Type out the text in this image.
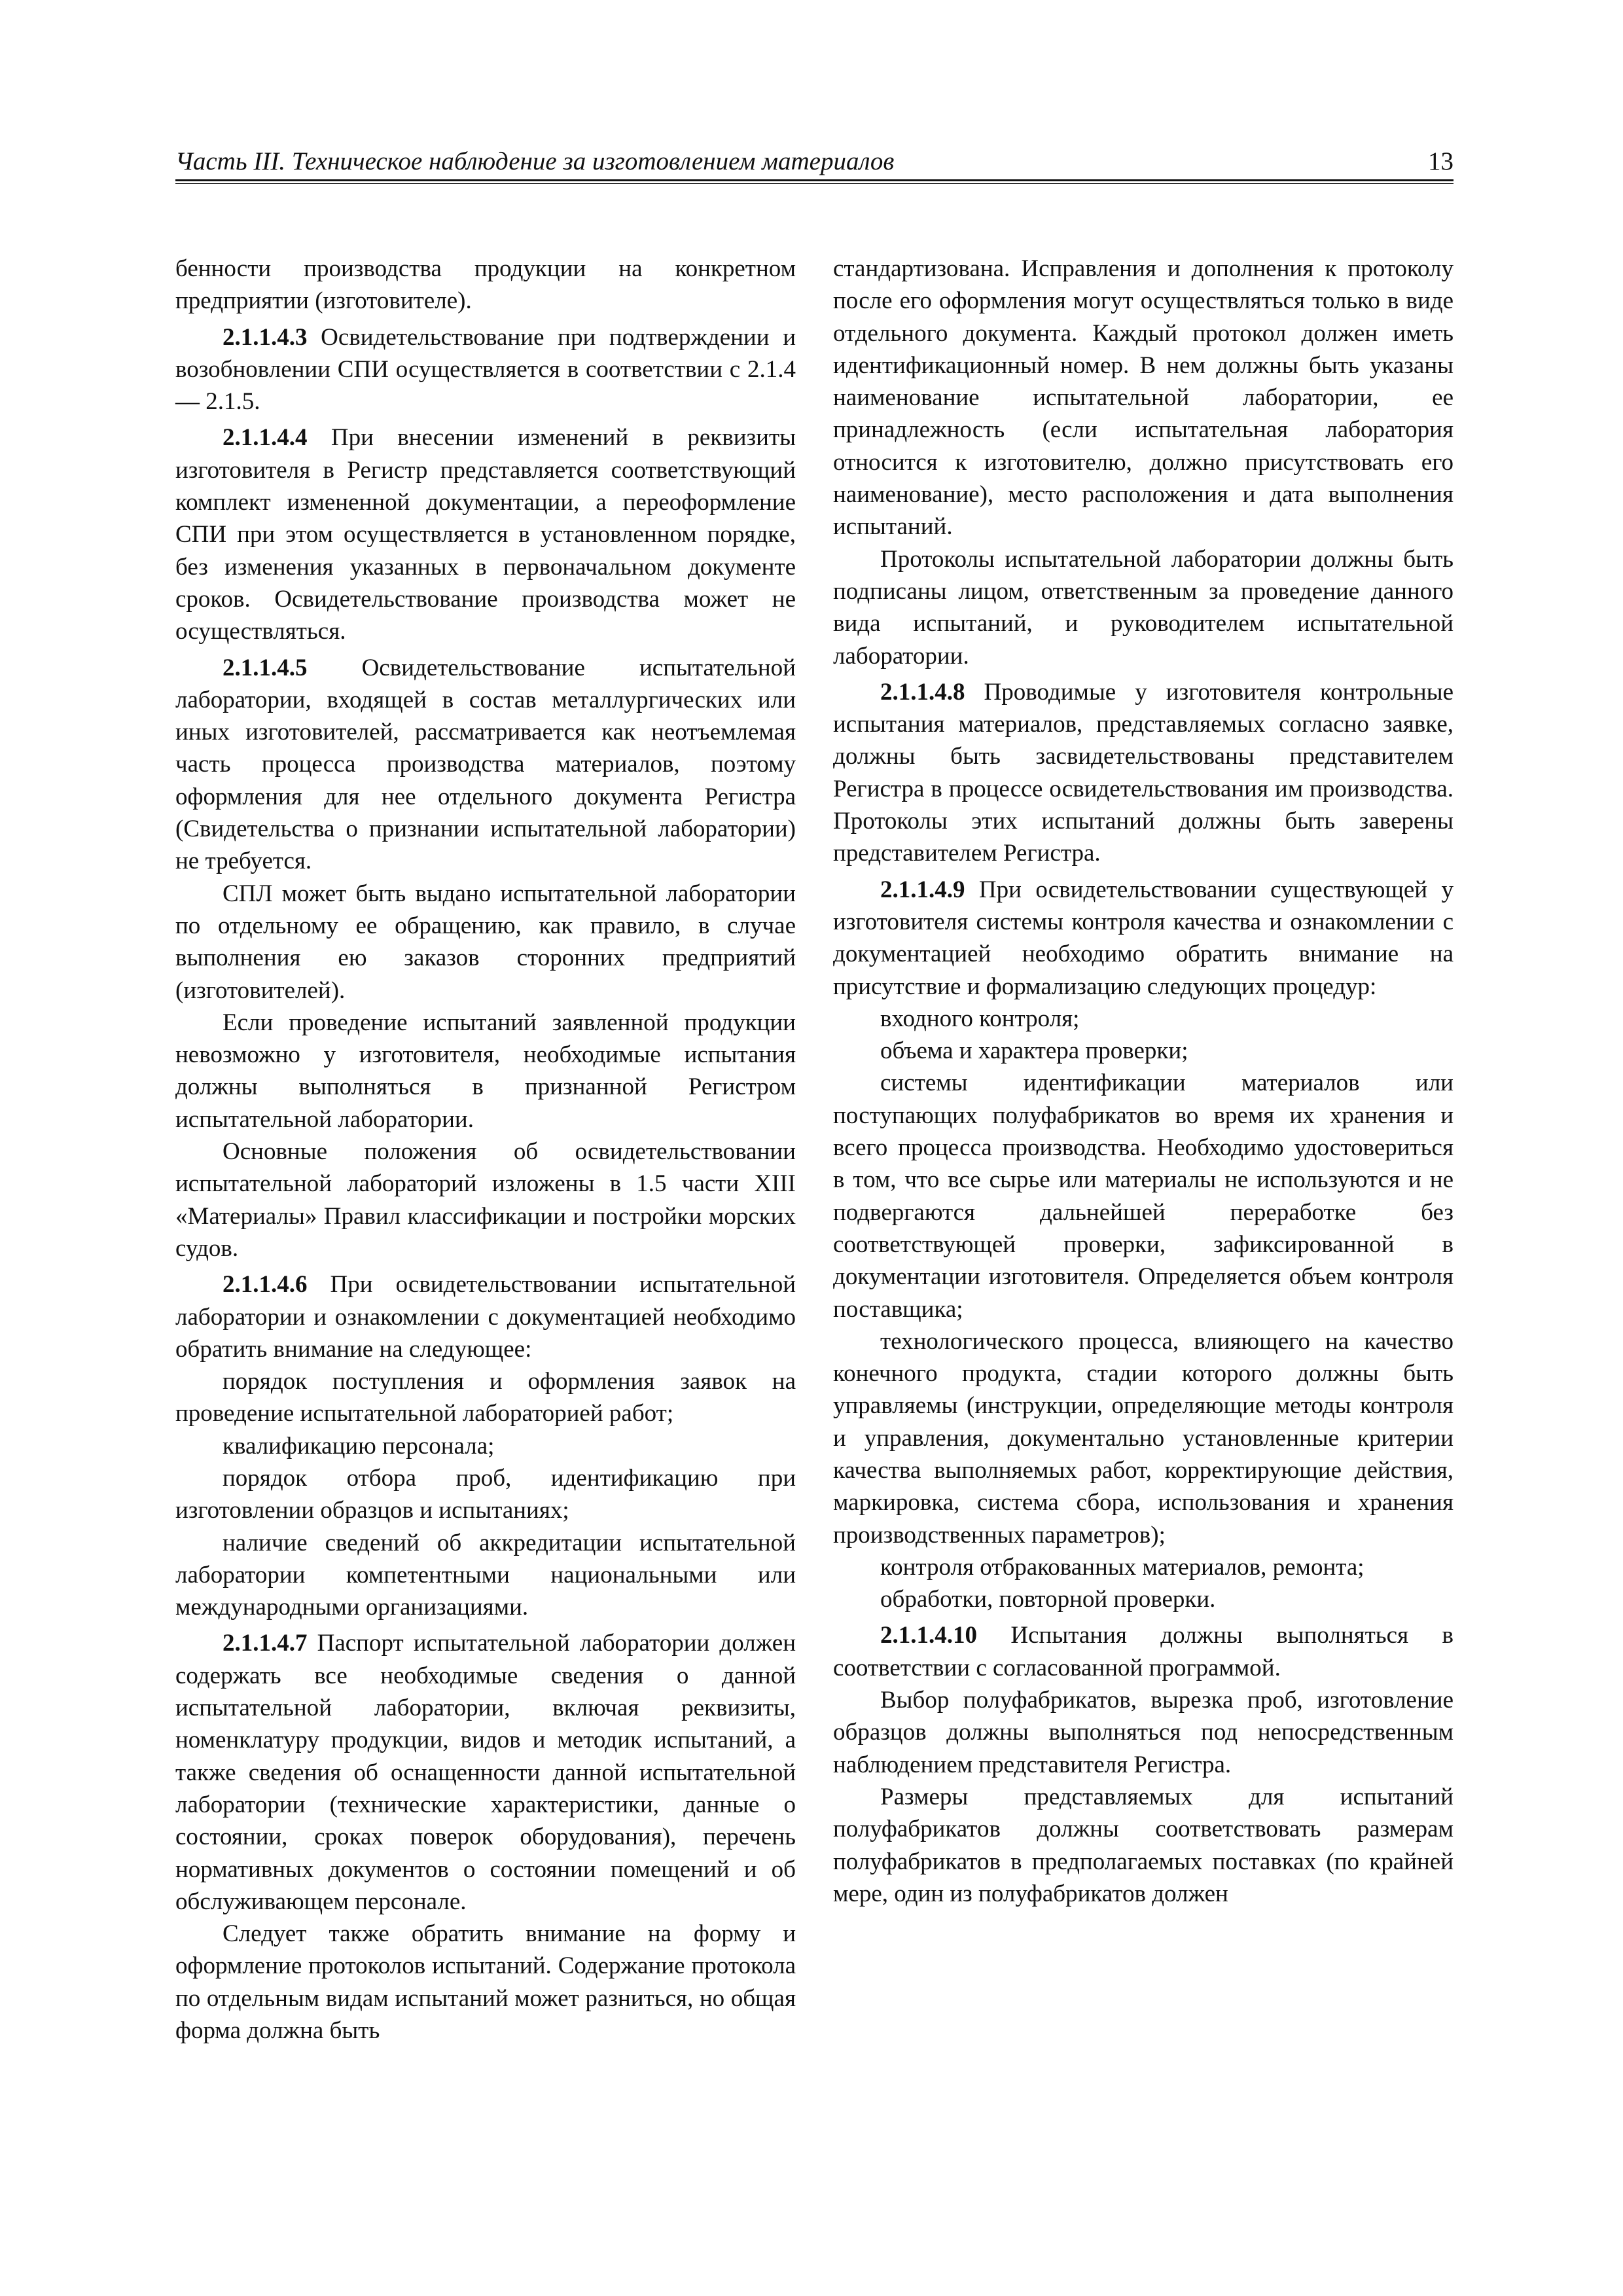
Часть III. Техническое наблюдение за изготовлением материалов	13

бенности производства продукции на конкретном предприятии (изготовителе).

2.1.1.4.3 Освидетельствование при подтверждении и возобновлении СПИ осуществляется в соответствии с 2.1.4 — 2.1.5.

2.1.1.4.4 При внесении изменений в реквизиты изготовителя в Регистр представляется соответствующий комплект измененной документации, а переоформление СПИ при этом осуществляется в установленном порядке, без изменения указанных в первоначальном документе сроков. Освидетельствование производства может не осуществляться.

2.1.1.4.5 Освидетельствование испытательной лаборатории, входящей в состав металлургических или иных изготовителей, рассматривается как неотъемлемая часть процесса производства материалов, поэтому оформления для нее отдельного документа Регистра (Свидетельства о признании испытательной лаборатории) не требуется.

СПЛ может быть выдано испытательной лаборатории по отдельному ее обращению, как правило, в случае выполнения ею заказов сторонних предприятий (изготовителей).

Если проведение испытаний заявленной продукции невозможно у изготовителя, необходимые испытания должны выполняться в признанной Регистром испытательной лаборатории.

Основные положения об освидетельствовании испытательной лабораторий изложены в 1.5 части XIII «Материалы» Правил классификации и постройки морских судов.

2.1.1.4.6 При освидетельствовании испытательной лаборатории и ознакомлении с документацией необходимо обратить внимание на следующее:

порядок поступления и оформления заявок на проведение испытательной лабораторией работ;

квалификацию персонала;

порядок отбора проб, идентификацию при изготовлении образцов и испытаниях;

наличие сведений об аккредитации испытательной лаборатории компетентными национальными или международными организациями.

2.1.1.4.7 Паспорт испытательной лаборатории должен содержать все необходимые сведения о данной испытательной лаборатории, включая реквизиты, номенклатуру продукции, видов и методик испытаний, а также сведения об оснащенности данной испытательной лаборатории (технические характеристики, данные о состоянии, сроках поверок оборудования), перечень нормативных документов о состоянии помещений и об обслуживающем персонале.

Следует также обратить внимание на форму и оформление протоколов испытаний. Содержание протокола по отдельным видам испытаний может разниться, но общая форма должна быть

стандартизована. Исправления и дополнения к протоколу после его оформления могут осуществляться только в виде отдельного документа. Каждый протокол должен иметь идентификационный номер. В нем должны быть указаны наименование испытательной лаборатории, ее принадлежность (если испытательная лаборатория относится к изготовителю, должно присутствовать его наименование), место расположения и дата выполнения испытаний.

Протоколы испытательной лаборатории должны быть подписаны лицом, ответственным за проведение данного вида испытаний, и руководителем испытательной лаборатории.

2.1.1.4.8 Проводимые у изготовителя контрольные испытания материалов, представляемых согласно заявке, должны быть засвидетельствованы представителем Регистра в процессе освидетельствования им производства. Протоколы этих испытаний должны быть заверены представителем Регистра.

2.1.1.4.9 При освидетельствовании существующей у изготовителя системы контроля качества и ознакомлении с документацией необходимо обратить внимание на присутствие и формализацию следующих процедур:

входного контроля;

объема и характера проверки;

системы идентификации материалов или поступающих полуфабрикатов во время их хранения и всего процесса производства. Необходимо удостовериться в том, что все сырье или материалы не используются и не подвергаются дальнейшей переработке без соответствующей проверки, зафиксированной в документации изготовителя. Определяется объем контроля поставщика;

технологического процесса, влияющего на качество конечного продукта, стадии которого должны быть управляемы (инструкции, определяющие методы контроля и управления, документально установленные критерии качества выполняемых работ, корректирующие действия, маркировка, система сбора, использования и хранения производственных параметров);

контроля отбракованных материалов, ремонта;

обработки, повторной проверки.

2.1.1.4.10 Испытания должны выполняться в соответствии с согласованной программой.

Выбор полуфабрикатов, вырезка проб, изготовление образцов должны выполняться под непосредственным наблюдением представителя Регистра.

Размеры представляемых для испытаний полуфабрикатов должны соответствовать размерам полуфабрикатов в предполагаемых поставках (по крайней мере, один из полуфабрикатов должен
